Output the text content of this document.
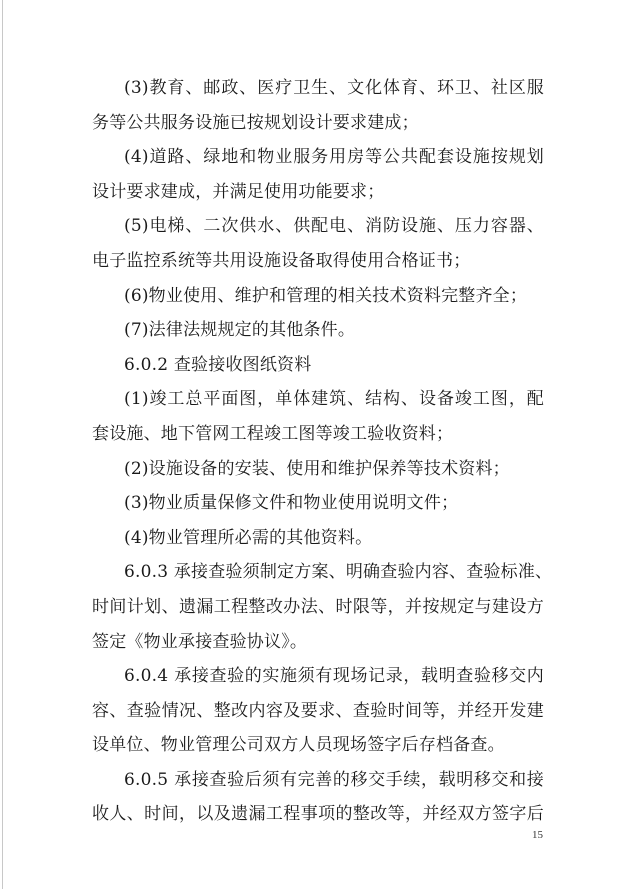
(3)教育、邮政、医疗卫生、文化体育、环卫、社区服
务等公共服务设施已按规划设计要求建成；
(4)道路、绿地和物业服务用房等公共配套设施按规划
设计要求建成，并满足使用功能要求；
(5)电梯、二次供水、供配电、消防设施、压力容器、
电子监控系统等共用设施设备取得使用合格证书；
(6)物业使用、维护和管理的相关技术资料完整齐全；
(7)法律法规规定的其他条件。
6.0.2 查验接收图纸资料
(1)竣工总平面图，单体建筑、结构、设备竣工图，配
套设施、地下管网工程竣工图等竣工验收资料；
(2)设施设备的安装、使用和维护保养等技术资料；
(3)物业质量保修文件和物业使用说明文件；
(4)物业管理所必需的其他资料。
6.0.3 承接查验须制定方案、明确查验内容、查验标准、
时间计划、遗漏工程整改办法、时限等，并按规定与建设方
签定《物业承接查验协议》。
6.0.4 承接查验的实施须有现场记录，载明查验移交内
容、查验情况、整改内容及要求、查验时间等，并经开发建
设单位、物业管理公司双方人员现场签字后存档备查。
6.0.5 承接查验后须有完善的移交手续，载明移交和接
收人、时间，以及遗漏工程事项的整改等，并经双方签字后
15
